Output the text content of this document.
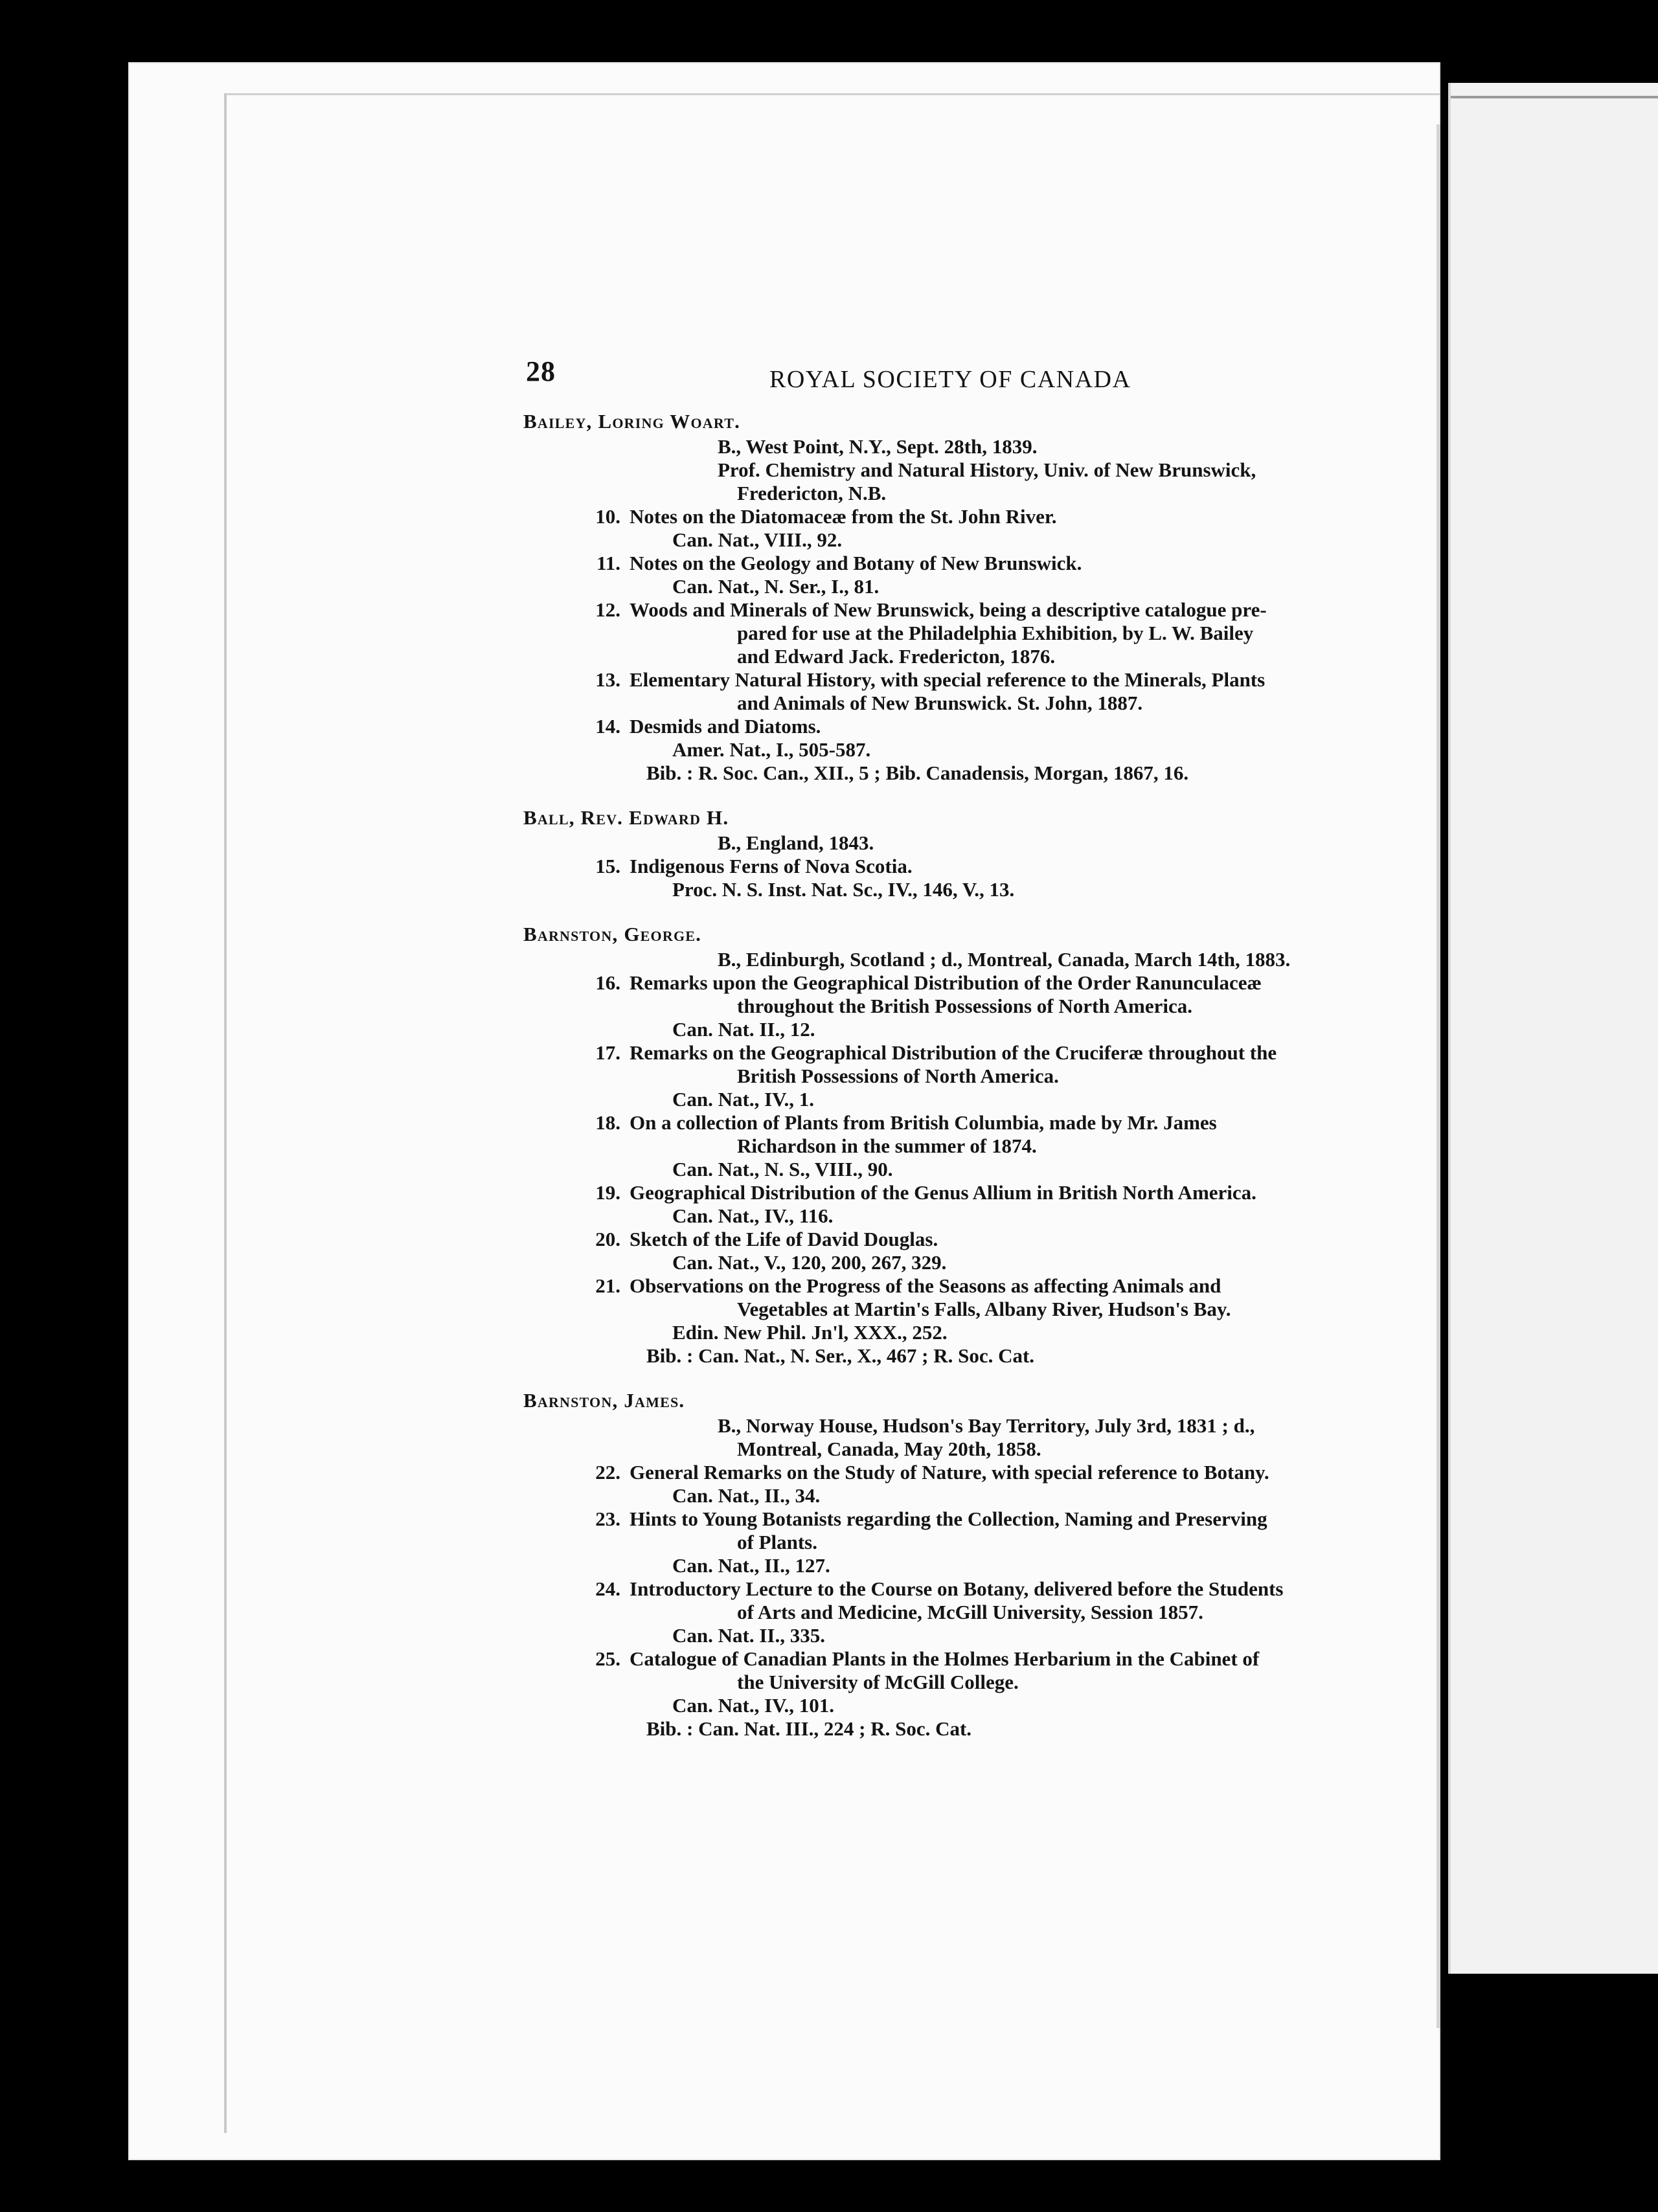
28	ROYAL SOCIETY OF CANADA
Bailey, Loring Woart.
B., West Point, N.Y., Sept. 28th, 1839.
Prof. Chemistry and Natural History, Univ. of New Brunswick,
Fredericton, N.B.
10. Notes on the Diatomaceæ from the St. John River.
Can. Nat., VIII., 92.
11. Notes on the Geology and Botany of New Brunswick.
Can. Nat., N. Ser., I., 81.
12. Woods and Minerals of New Brunswick, being a descriptive catalogue pre-
pared for use at the Philadelphia Exhibition, by L. W. Bailey
and Edward Jack. Fredericton, 1876.
13. Elementary Natural History, with special reference to the Minerals, Plants
and Animals of New Brunswick. St. John, 1887.
14. Desmids and Diatoms.
Amer. Nat., I., 505-587.
Bib. : R. Soc. Can., XII., 5 ; Bib. Canadensis, Morgan, 1867, 16.
Ball, Rev. Edward H.
B., England, 1843.
15. Indigenous Ferns of Nova Scotia.
Proc. N. S. Inst. Nat. Sc., IV., 146, V., 13.
Barnston, George.
B., Edinburgh, Scotland ; d., Montreal, Canada, March 14th, 1883.
16. Remarks upon the Geographical Distribution of the Order Ranunculaceæ
throughout the British Possessions of North America.
Can. Nat. II., 12.
17. Remarks on the Geographical Distribution of the Cruciferæ throughout the
British Possessions of North America.
Can. Nat., IV., 1.
18. On a collection of Plants from British Columbia, made by Mr. James
Richardson in the summer of 1874.
Can. Nat., N. S., VIII., 90.
19. Geographical Distribution of the Genus Allium in British North America.
Can. Nat., IV., 116.
20. Sketch of the Life of David Douglas.
Can. Nat., V., 120, 200, 267, 329.
21. Observations on the Progress of the Seasons as affecting Animals and
Vegetables at Martin's Falls, Albany River, Hudson's Bay.
Edin. New Phil. Jn'l, XXX., 252.
Bib. : Can. Nat., N. Ser., X., 467 ; R. Soc. Cat.
Barnston, James.
B., Norway House, Hudson's Bay Territory, July 3rd, 1831 ; d.,
Montreal, Canada, May 20th, 1858.
22. General Remarks on the Study of Nature, with special reference to Botany.
Can. Nat., II., 34.
23. Hints to Young Botanists regarding the Collection, Naming and Preserving
of Plants.
Can. Nat., II., 127.
24. Introductory Lecture to the Course on Botany, delivered before the Students
of Arts and Medicine, McGill University, Session 1857.
Can. Nat. II., 335.
25. Catalogue of Canadian Plants in the Holmes Herbarium in the Cabinet of
the University of McGill College.
Can. Nat., IV., 101.
Bib. : Can. Nat. III., 224 ; R. Soc. Cat.
